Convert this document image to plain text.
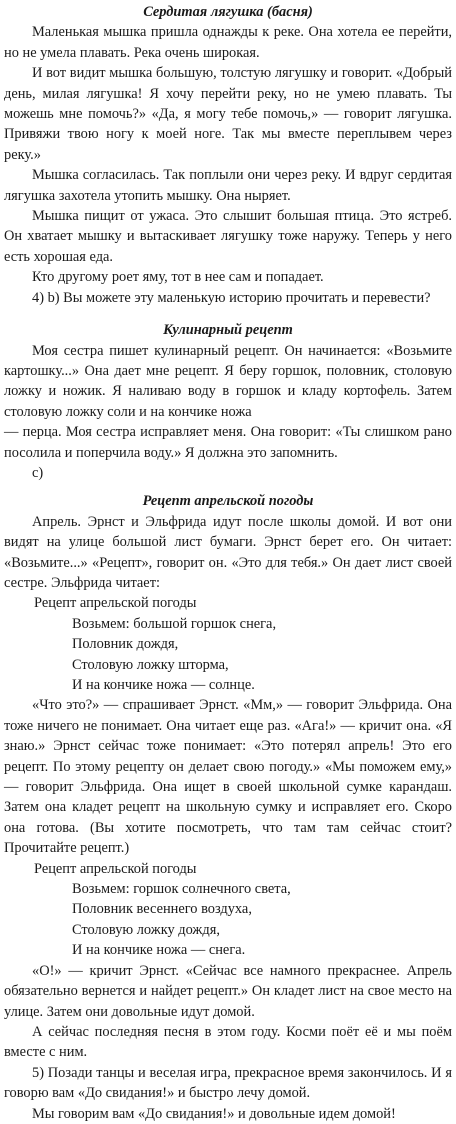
Сердитая лягушка (басня)

Маленькая мышка пришла однажды к реке. Она хотела ее перейти, но не умела плавать. Река очень широкая.

И вот видит мышка большую, толстую лягушку и говорит. «Добрый день, милая лягушка! Я хочу перейти реку, но не умею плавать. Ты можешь мне помочь?» «Да, я могу тебе помочь,» — говорит лягушка. Привяжи твою ногу к моей ноге. Так мы вместе переплывем через реку.»

Мышка согласилась. Так поплыли они через реку. И вдруг сердитая лягушка захотела утопить мышку. Она ныряет.

Мышка пищит от ужаса. Это слышит большая птица. Это ястреб. Он хватает мышку и вытаскивает лягушку тоже наружу. Теперь у него есть хорошая еда.

Кто другому роет яму, тот в нее сам и попадает.

4) b) Вы можете эту маленькую историю прочитать и перевести?

Кулинарный рецепт

Моя сестра пишет кулинарный рецепт. Он начинается: «Возьмите картошку...» Она дает мне рецепт. Я беру горшок, половник, столовую ложку и ножик. Я наливаю воду в горшок и кладу кортофель. Затем столовую ложку соли и на кончике ножа

— перца. Моя сестра исправляет меня. Она говорит: «Ты слишком рано посолила и поперчила воду.» Я должна это запомнить.

c)

Рецепт апрельской погоды

Апрель. Эрнст и Эльфрида идут после школы домой. И вот они видят на улице большой лист бумаги. Эрнст берет его. Он читает: «Возьмите...» «Рецепт», говорит он. «Это для тебя.» Он дает лист своей сестре. Эльфрида читает:

Рецепт апрельской погоды
Возьмем: большой горшок снега,
Половник дождя,
Столовую ложку шторма,
И на кончике ножа — солнце.

«Что это?» — спрашивает Эрнст. «Мм,» — говорит Эльфрида. Она тоже ничего не понимает. Она читает еще раз. «Ага!» — кричит она. «Я знаю.» Эрнст сейчас тоже понимает: «Это потерял апрель! Это его рецепт. По этому рецепту он делает свою погоду.» «Мы поможем ему,» — говорит Эльфрида. Она ищет в своей школьной сумке карандаш. Затем она кладет рецепт на школьную сумку и исправляет его. Скоро она готова. (Вы хотите посмотреть, что там там сейчас стоит? Прочитайте рецепт.)

Рецепт апрельской погоды
Возьмем: горшок солнечного света,
Половник весеннего воздуха,
Столовую ложку дождя,
И на кончике ножа — снега.

«О!» — кричит Эрнст. «Сейчас все намного прекраснее. Апрель обязательно вернется и найдет рецепт.» Он кладет лист на свое место на улице. Затем они довольные идут домой.

А сейчас последняя песня в этом году. Косми поёт её и мы поём вместе с ним.

5) Позади танцы и веселая игра, прекрасное время закончилось. И я говорю вам «До свидания!» и быстро лечу домой.

Мы говорим вам «До свидания!» и довольные идем домой!
